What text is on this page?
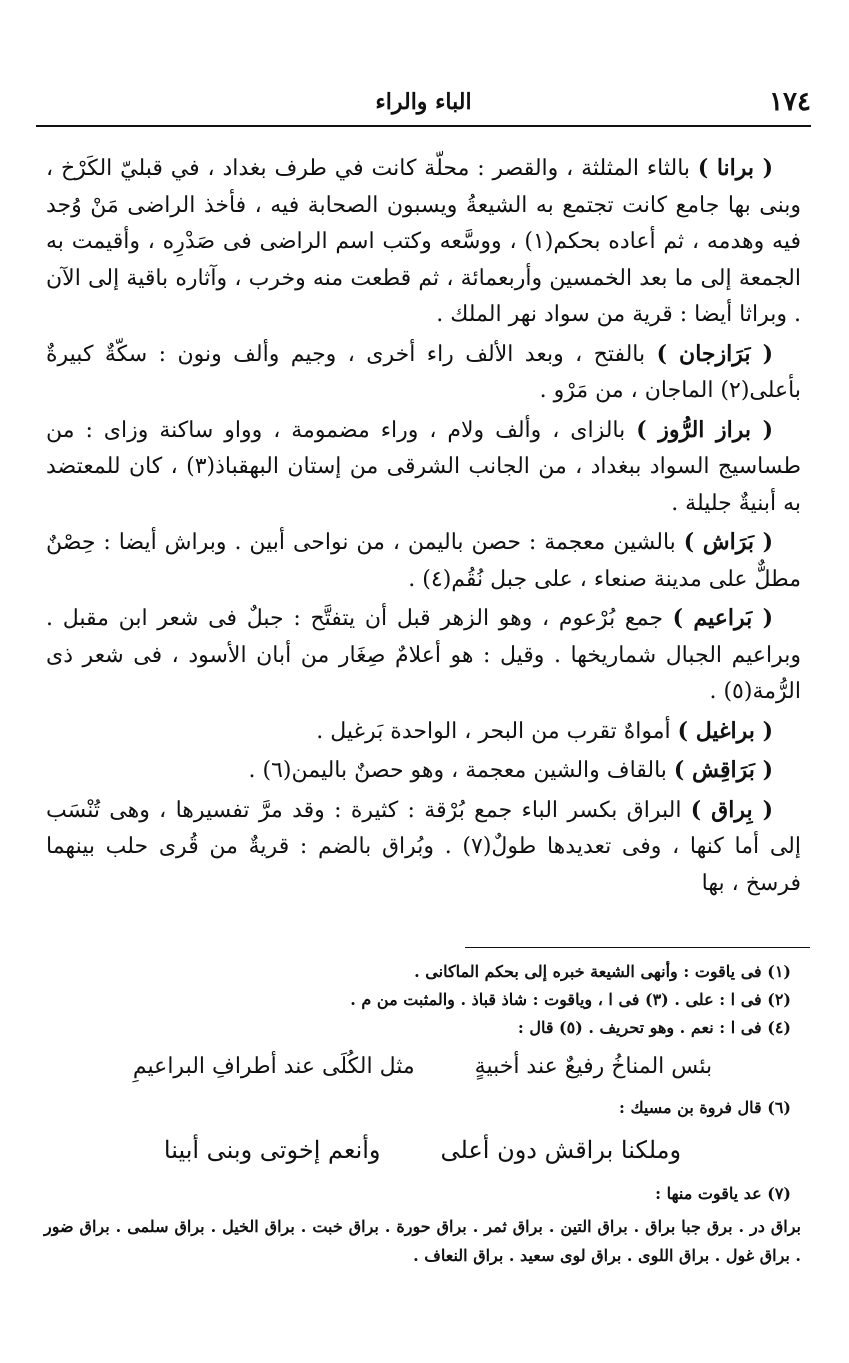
١٧٤
الباء والراء

( برانا ) بالثاء المثلثة ، والقصر : محلّة كانت في طرف بغداد ، في قبليّ الكَرْخ ، وبنى بها جامع كانت تجتمع به الشيعةُ ويسبون الصحابة فيه ، فأخذ الراضى مَنْ وُجد فيه وهدمه ، ثم أعاده بحكم(١) ، ووسَّعه وكتب اسم الراضى فى صَدْرِه ، وأقيمت به الجمعة إلى ما بعد الخمسين وأربعمائة ، ثم قطعت منه وخرب ، وآثاره باقية إلى الآن . وبراثا أيضا : قرية من سواد نهر الملك .

( بَرَازجان ) بالفتح ، وبعد الألف راء أخرى ، وجيم وألف ونون : سكّةٌ كبيرةٌ بأعلى(٢) الماجان ، من مَرْو .

( براز الرُّوز ) بالزاى ، وألف ولام ، وراء مضمومة ، وواو ساكنة وزاى : من طساسيج السواد ببغداد ، من الجانب الشرقى من إستان البهقباذ(٣) ، كان للمعتضد به أبنيةٌ جليلة .

( بَرَاش ) بالشين معجمة : حصن باليمن ، من نواحى أبين . وبراش أيضا : حِصْنٌ مطلٌّ على مدينة صنعاء ، على جبل نُقُم(٤) .

( بَراعيم ) جمع بُرْعوم ، وهو الزهر قبل أن يتفتَّح : جبلٌ فى شعر ابن مقبل . وبراعيم الجبال شماريخها . وقيل : هو أعلامٌ صِغَار من أبان الأسود ، فى شعر ذى الرُّمة(٥) .

( براغيل ) أمواهٌ تقرب من البحر ، الواحدة بَرغيل .

( بَرَاقِش ) بالقاف والشين معجمة ، وهو حصنٌ باليمن(٦) .

( بِراق ) البراق بكسر الباء جمع بُرْقة : كثيرة : وقد مرَّ تفسيرها ، وهى تُنْسَب إلى أما كنها ، وفى تعديدها طولٌ(٧) . وبُراق بالضم : قريةٌ من قُرى حلب بينهما فرسخ ، بها

(١) فى ياقوت : وأنهى الشيعة خبره إلى بحكم الماكانى .

(٢) فى ا : على . (٣) فى ا ، وياقوت : شاذ قباذ . والمثبت من م .

(٤) فى ا : نعم . وهو تحريف . (٥) قال :

بئس المناخُ رفيعٌ عند أخبيةٍ
مثل الكُلَى عند أطرافِ البراعيمِ

(٦) قال فروة بن مسيك :

وملكنا براقش دون أعلى
وأنعم إخوتى وبنى أبينا

(٧) عد ياقوت منها :

براق در . برق جبا براق . براق التين . براق ثمر . براق حورة . براق خبت . براق الخيل . براق سلمى . براق ضور . براق غول . براق اللوى . براق لوى سعيد . براق النعاف .
